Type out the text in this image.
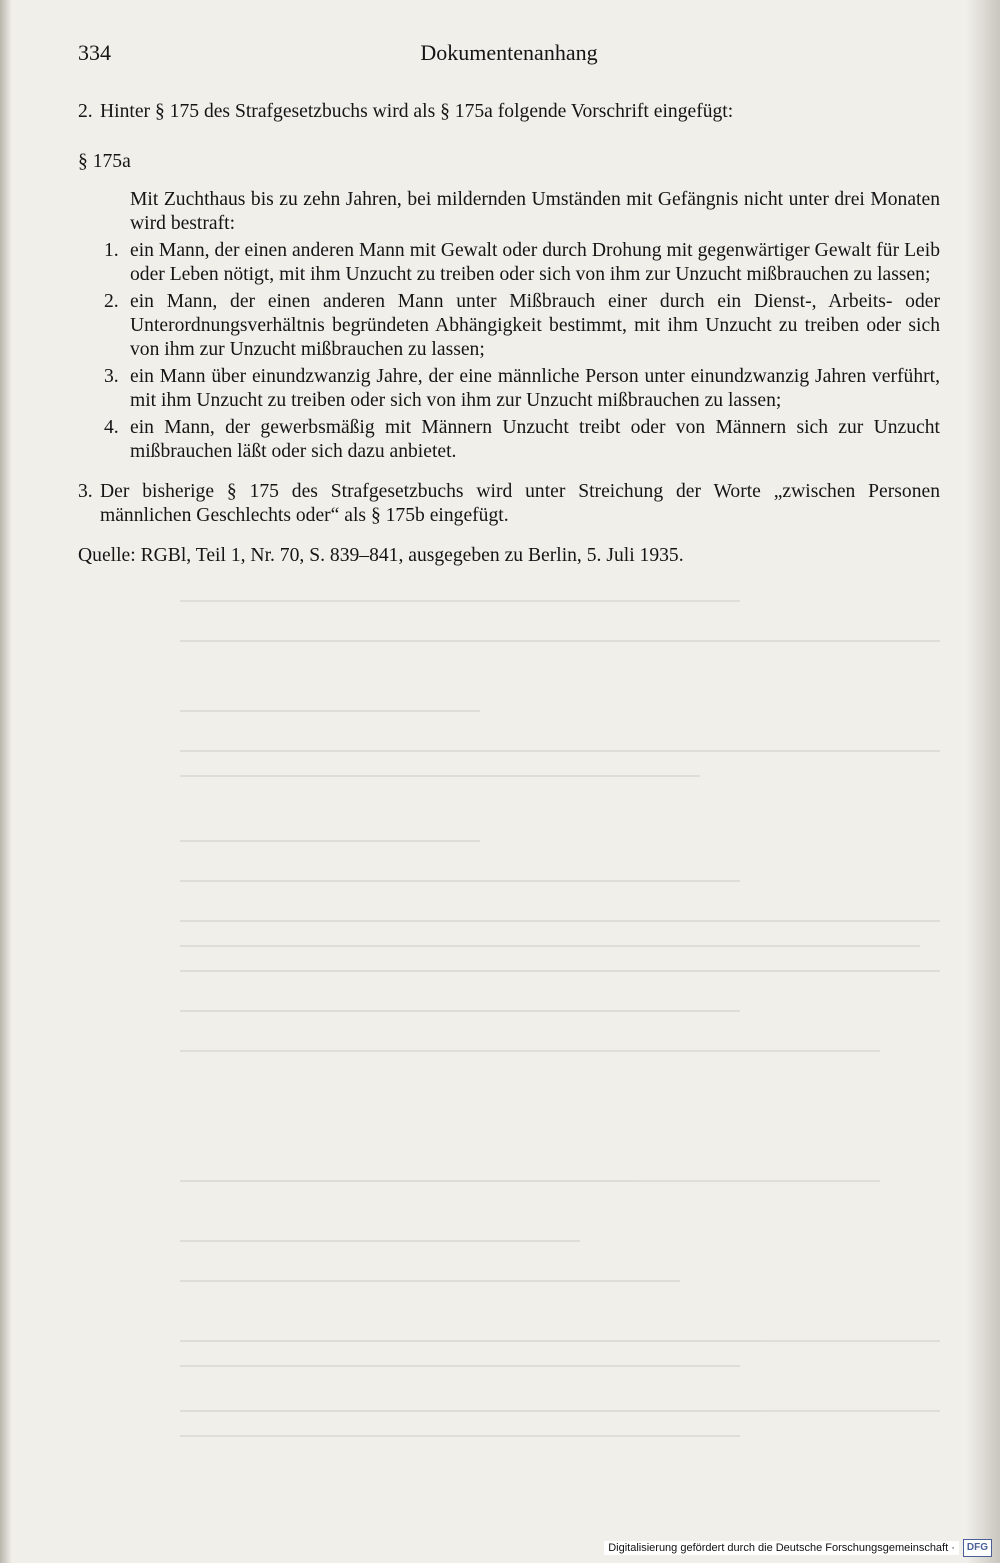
334	Dokumentenanhang
2. Hinter § 175 des Strafgesetzbuchs wird als § 175a folgende Vorschrift eingefügt:
§ 175a
Mit Zuchthaus bis zu zehn Jahren, bei mildernden Umständen mit Gefängnis nicht unter drei Monaten wird bestraft:
1. ein Mann, der einen anderen Mann mit Gewalt oder durch Drohung mit gegenwärtiger Gewalt für Leib oder Leben nötigt, mit ihm Unzucht zu treiben oder sich von ihm zur Unzucht mißbrauchen zu lassen;
2. ein Mann, der einen anderen Mann unter Mißbrauch einer durch ein Dienst-, Arbeits- oder Unterordnungsverhältnis begründeten Abhängigkeit bestimmt, mit ihm Unzucht zu treiben oder sich von ihm zur Unzucht mißbrauchen zu lassen;
3. ein Mann über einundzwanzig Jahre, der eine männliche Person unter einundzwanzig Jahren verführt, mit ihm Unzucht zu treiben oder sich von ihm zur Unzucht mißbrauchen zu lassen;
4. ein Mann, der gewerbsmäßig mit Männern Unzucht treibt oder von Männern sich zur Unzucht mißbrauchen läßt oder sich dazu anbietet.
3. Der bisherige § 175 des Strafgesetzbuchs wird unter Streichung der Worte „zwischen Personen männlichen Geschlechts oder“ als § 175b eingefügt.
Quelle: RGBl, Teil 1, Nr. 70, S. 839–841, ausgegeben zu Berlin, 5. Juli 1935.
Digitalisierung gefördert durch die Deutsche Forschungsgemeinschaft ·	DFG
